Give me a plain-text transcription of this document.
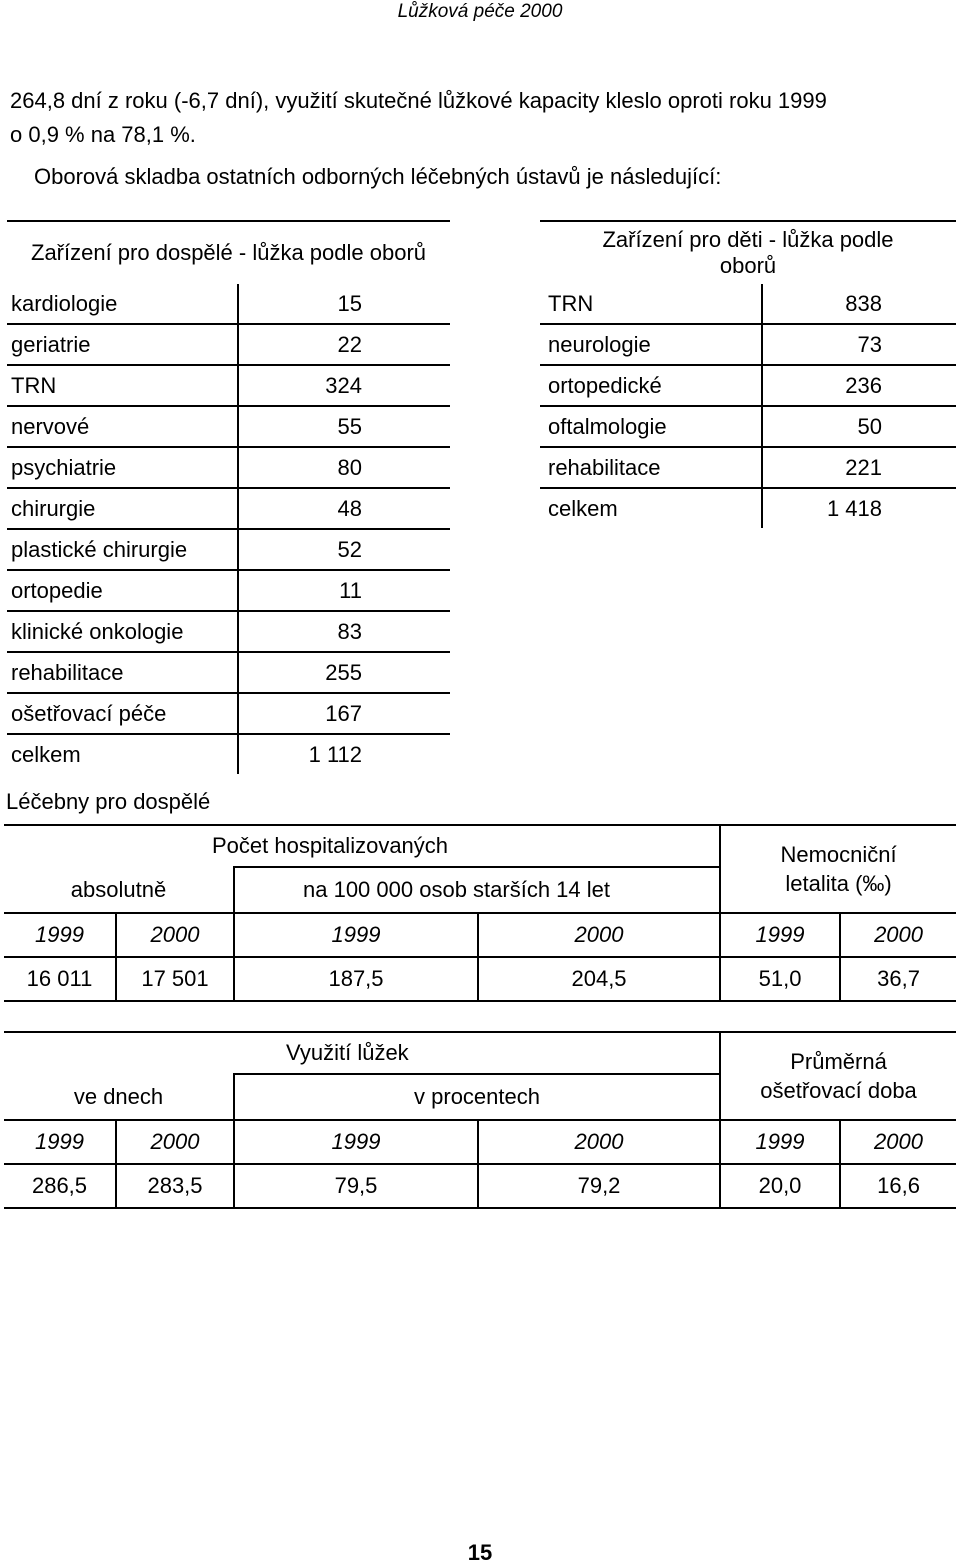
Lůžková péče 2000
264,8 dní z roku (-6,7 dní), využití skutečné lůžkové kapacity kleslo oproti roku 1999
o 0,9 % na 78,1 %.
Oborová skladba ostatních odborných léčebných ústavů je následující:
Zařízení pro dospělé - lůžka podle oborů	
kardiologie	15
geriatrie	22
TRN	324
nervové	55
psychiatrie	80
chirurgie	48
plastické chirurgie	52
ortopedie	11
klinické onkologie	83
rehabilitace	255
ošetřovací péče	167
celkem	1 112
Zařízení pro děti - lůžka podle oborů	
TRN	838
neurologie	73
ortopedické	236
oftalmologie	50
rehabilitace	221
celkem	1 418
Léčebny pro dospělé
	Počet hospitalizovaných			Nemocniční letalita (‰)	
absolutně		na 100 000 osob starších 14 let			
1999	2000	1999	2000	1999	2000
16 011	17 501	187,5	204,5	51,0	36,7
	Využití lůžek			Průměrná ošetřovací doba	
ve dnech		v procentech			
1999	2000	1999	2000	1999	2000
286,5	283,5	79,5	79,2	20,0	16,6
15
